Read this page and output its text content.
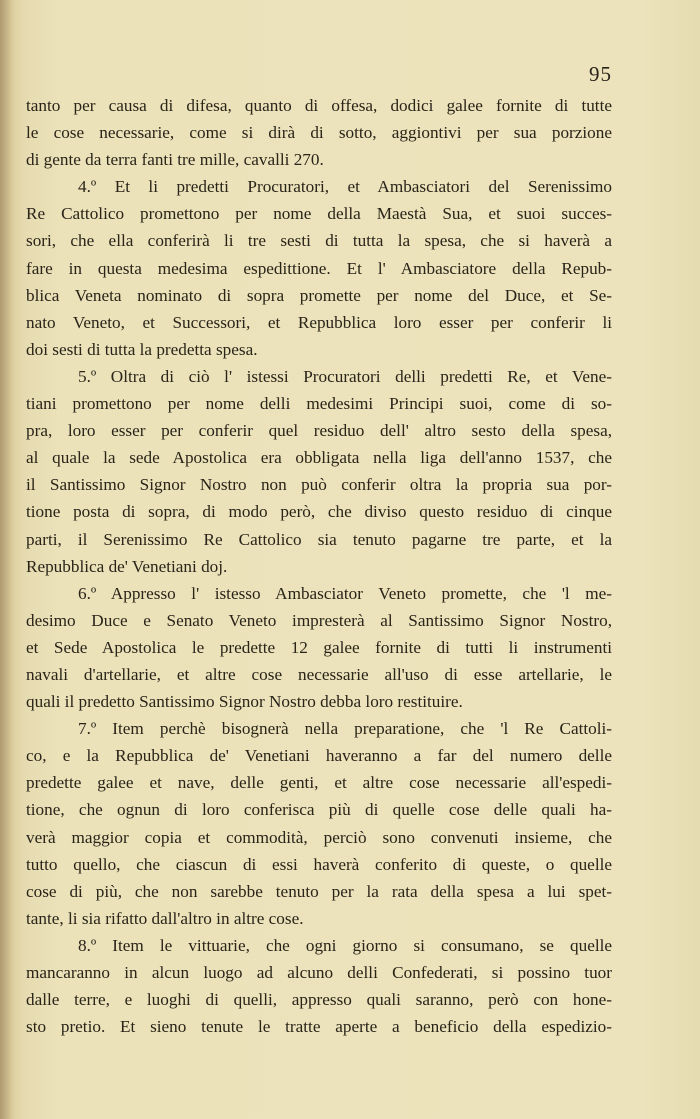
95
tanto per causa di difesa, quanto di offesa, dodici galee fornite di tutte
le cose necessarie, come si dirà di sotto, aggiontivi per sua porzione
di gente da terra fanti tre mille, cavalli 270.
4.º Et li predetti Procuratori, et Ambasciatori del Serenissimo
Re Cattolico promettono per nome della Maestà Sua, et suoi succes-
sori, che ella conferirà li tre sesti di tutta la spesa, che si haverà a
fare in questa medesima espedittione. Et l' Ambasciatore della Repub-
blica Veneta nominato di sopra promette per nome del Duce, et Se-
nato Veneto, et Successori, et Repubblica loro esser per conferir li
doi sesti di tutta la predetta spesa.
5.º Oltra di ciò l' istessi Procuratori delli predetti Re, et Vene-
tiani promettono per nome delli medesimi Principi suoi, come di so-
pra, loro esser per conferir quel residuo dell' altro sesto della spesa,
al quale la sede Apostolica era obbligata nella liga dell'anno 1537, che
il Santissimo Signor Nostro non può conferir oltra la propria sua por-
tione posta di sopra, di modo però, che diviso questo residuo di cinque
parti, il Serenissimo Re Cattolico sia tenuto pagarne tre parte, et la
Repubblica de' Venetiani doj.
6.º Appresso l' istesso Ambasciator Veneto promette, che 'l me-
desimo Duce e Senato Veneto impresterà al Santissimo Signor Nostro,
et Sede Apostolica le predette 12 galee fornite di tutti li instrumenti
navali d'artellarie, et altre cose necessarie all'uso di esse artellarie, le
quali il predetto Santissimo Signor Nostro debba loro restituire.
7.º Item perchè bisognerà nella preparatione, che 'l Re Cattoli-
co, e la Repubblica de' Venetiani haveranno a far del numero delle
predette galee et nave, delle genti, et altre cose necessarie all'espedi-
tione, che ognun di loro conferisca più di quelle cose delle quali ha-
verà maggior copia et commodità, perciò sono convenuti insieme, che
tutto quello, che ciascun di essi haverà conferito di queste, o quelle
cose di più, che non sarebbe tenuto per la rata della spesa a lui spet-
tante, li sia rifatto dall'altro in altre cose.
8.º Item le vittuarie, che ogni giorno si consumano, se quelle
mancaranno in alcun luogo ad alcuno delli Confederati, si possino tuor
dalle terre, e luoghi di quelli, appresso quali saranno, però con hone-
sto pretio. Et sieno tenute le tratte aperte a beneficio della espedizio-
